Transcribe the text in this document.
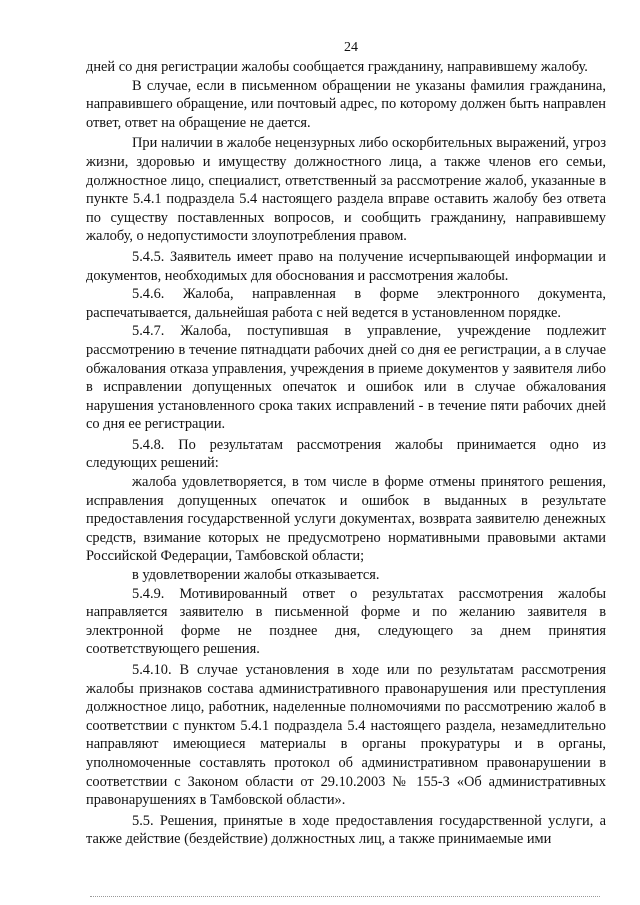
24

дней со дня регистрации жалобы сообщается гражданину, направившему жалобу.

В случае, если в письменном обращении не указаны фамилия гражданина, направившего обращение, или почтовый адрес, по которому должен быть направлен ответ, ответ на обращение не дается.

При наличии в жалобе нецензурных либо оскорбительных выражений, угроз жизни, здоровью и имуществу должностного лица, а также членов его семьи, должностное лицо, специалист, ответственный за рассмотрение жалоб, указанные в пункте 5.4.1 подраздела 5.4 настоящего раздела вправе оставить жалобу без ответа по существу поставленных вопросов, и сообщить гражданину, направившему жалобу, о недопустимости злоупотребления правом.

5.4.5. Заявитель имеет право на получение исчерпывающей информации и документов, необходимых для обоснования и рассмотрения жалобы.

5.4.6. Жалоба, направленная в форме электронного документа, распечатывается, дальнейшая работа с ней ведется в установленном порядке.

5.4.7. Жалоба, поступившая в управление, учреждение подлежит рассмотрению в течение пятнадцати рабочих дней со дня ее регистрации, а в случае обжалования отказа управления, учреждения в приеме документов у заявителя либо в исправлении допущенных опечаток и ошибок или в случае обжалования нарушения установленного срока таких исправлений - в течение пяти рабочих дней со дня ее регистрации.

5.4.8. По результатам рассмотрения жалобы принимается одно из следующих решений:

жалоба удовлетворяется, в том числе в форме отмены принятого решения, исправления допущенных опечаток и ошибок в выданных в результате предоставления государственной услуги документах, возврата заявителю денежных средств, взимание которых не предусмотрено нормативными правовыми актами Российской Федерации, Тамбовской области;

в удовлетворении жалобы отказывается.

5.4.9. Мотивированный ответ о результатах рассмотрения жалобы направляется заявителю в письменной форме и по желанию заявителя в электронной форме не позднее дня, следующего за днем принятия соответствующего решения.

5.4.10. В случае установления в ходе или по результатам рассмотрения жалобы признаков состава административного правонарушения или преступления должностное лицо, работник, наделенные полномочиями по рассмотрению жалоб в соответствии с пунктом 5.4.1 подраздела 5.4 настоящего раздела, незамедлительно направляют имеющиеся материалы в органы прокуратуры и в органы, уполномоченные составлять протокол об административном правонарушении в соответствии с Законом области от 29.10.2003 № 155-З «Об административных правонарушениях в Тамбовской области».

5.5. Решения, принятые в ходе предоставления государственной услуги, а также действие (бездействие) должностных лиц, а также принимаемые ими
